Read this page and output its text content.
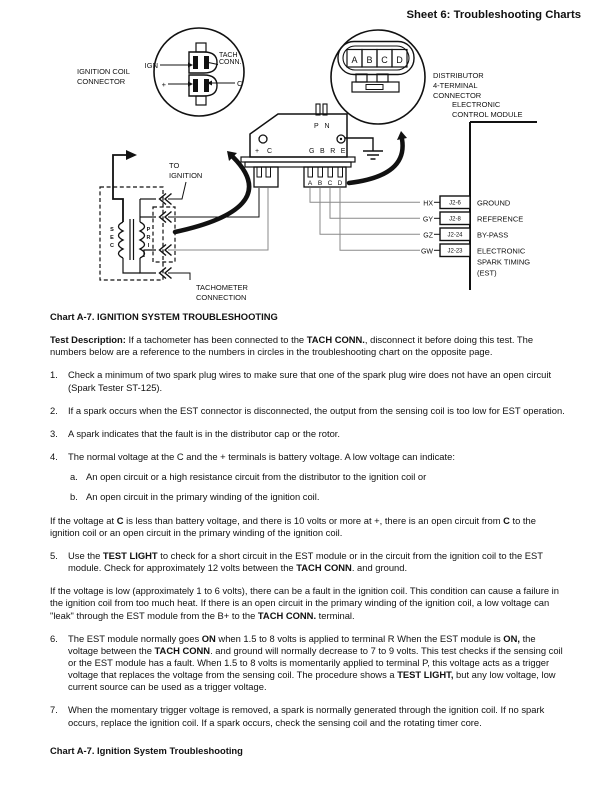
Sheet 6: Troubleshooting Charts
IGN
+	C
TACH
CONN.
IGNITION COIL
CONNECTOR
A B C D
DISTRIBUTOR
4-TERMINAL
CONNECTOR
P N
+ C	G B R E
A B C D
ELECTRONIC
CONTROL MODULE
HX	J2-6 GROUND
GY	J2-8 REFERENCE
GZ J2-24 BY-PASS
GW J2-23 ELECTRONIC
SPARK TIMING
(EST)
S
E
C
P
R
I
TO
IGNITION
TACHOMETER
CONNECTION
Chart A-7. IGNITION SYSTEM TROUBLESHOOTING
Test Description: If a tachometer has been connected to the TACH CONN., disconnect it before doing this test. The numbers below are a reference to the numbers in circles in the troubleshooting chart on the opposite page.
1.	Check a minimum of two spark plug wires to make sure that one of the spark plug wire does not have an open circuit (Spark Tester ST-125).
2.	If a spark occurs when the EST connector is disconnected, the output from the sensing coil is too low for EST operation.
3.	A spark indicates that the fault is in the distributor cap or the rotor.
4.	The normal voltage at the C and the + terminals is battery voltage. A low voltage can indicate:
a. An open circuit or a high resistance circuit from the distributor to the ignition coil or
b. An open circuit in the primary winding of the ignition coil.
If the voltage at C is less than battery voltage, and there is 10 volts or more at +, there is an open circuit from C to the ignition coil or an open circuit in the primary winding of the ignition coil.
5.	Use the TEST LIGHT to check for a short circuit in the EST module or in the circuit from the ignition coil to the EST module. Check for approximately 12 volts between the TACH CONN. and ground.
If the voltage is low (approximately 1 to 6 volts), there can be a fault in the ignition coil. This condition can cause a failure in the ignition coil from too much heat. If there is an open circuit in the primary winding of the ignition coil, a low voltage can "leak" through the EST module from the B+ to the TACH CONN. terminal.
6.	The EST module normally goes ON when 1.5 to 8 volts is applied to terminal R When the EST module is ON, the voltage between the TACH CONN. and ground will normally decrease to 7 to 9 volts. This test checks if the sensing coil or the EST module has a fault. When 1.5 to 8 volts is momentarily applied to terminal P, this voltage acts as a trigger voltage that replaces the voltage from the sensing coil. The procedure shows a TEST LIGHT, but any low voltage, low current source can be used as a trigger voltage.
7.	When the momentary trigger voltage is removed, a spark is normally generated through the ignition coil. If no spark occurs, replace the ignition coil. If a spark occurs, check the sensing coil and the rotating timer core.
Chart A-7. Ignition System Troubleshooting
